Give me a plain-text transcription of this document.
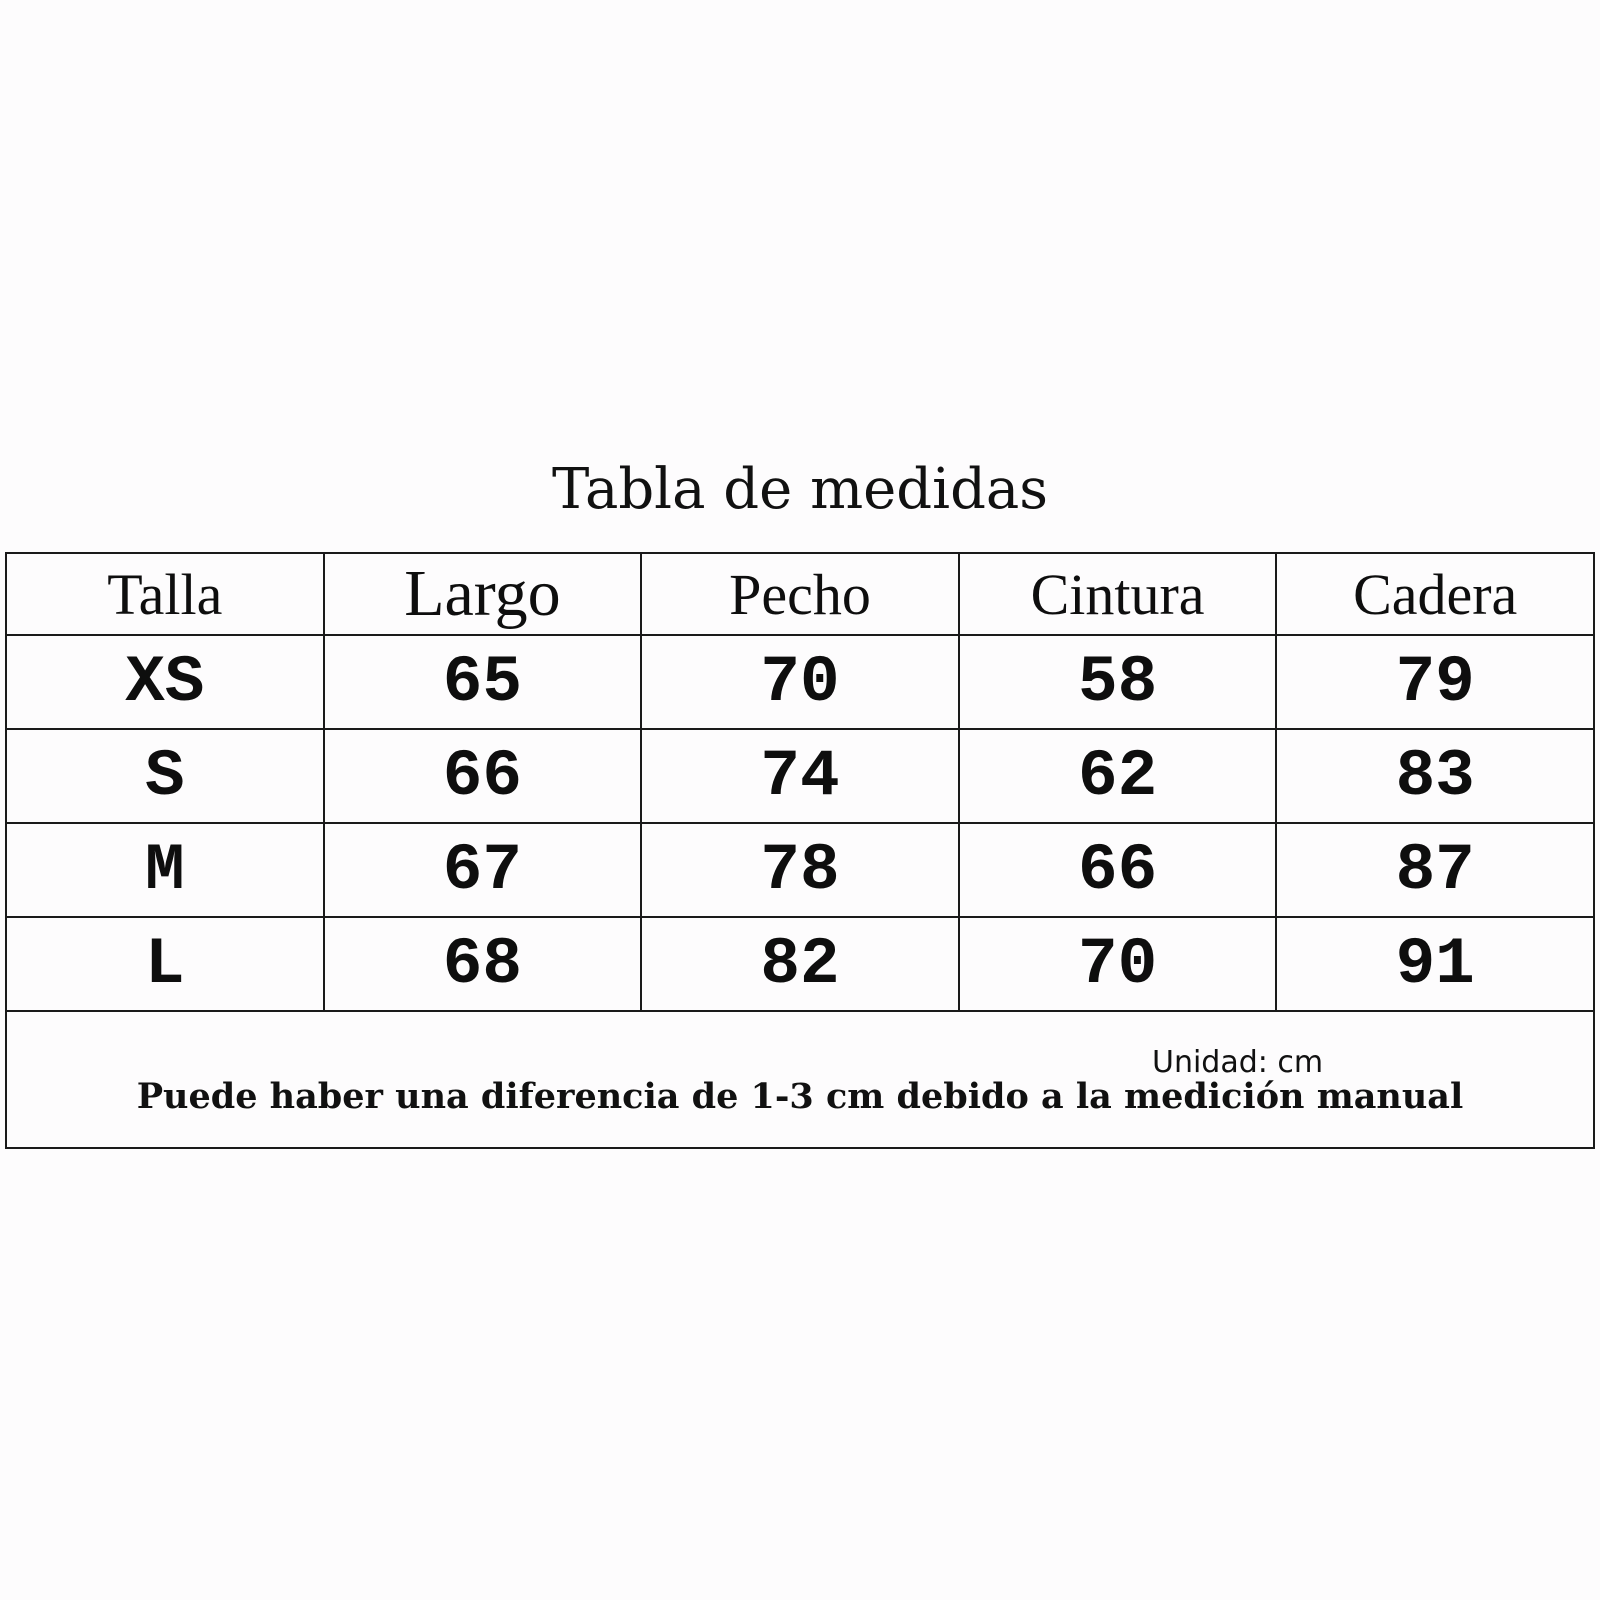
Tabla de medidas
Talla	Largo	Pecho	Cintura	Cadera
XS	65	70	58	79
S	66	74	62	83
M	67	78	66	87
L	68	82	70	91

Unidad: cm
Puede haber una diferencia de 1-3 cm debido a la medición manual				
